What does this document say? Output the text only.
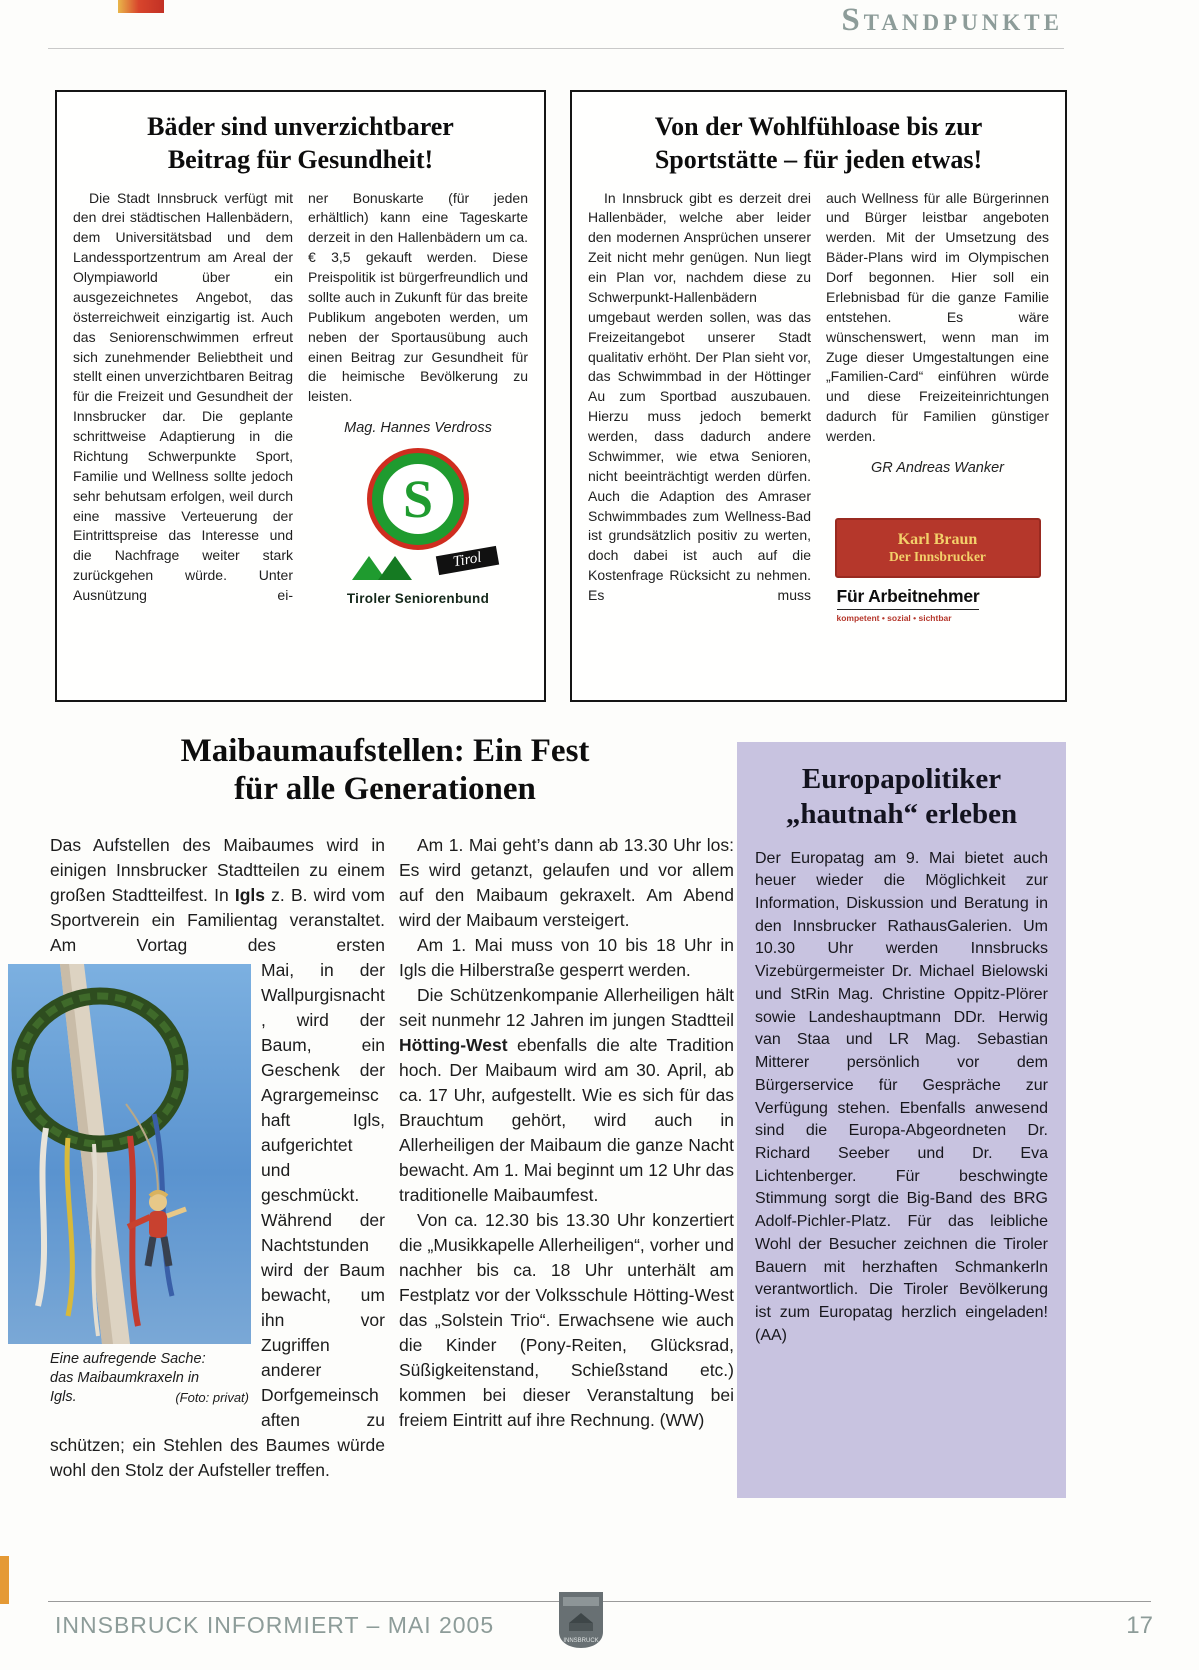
Standpunkte
Bäder sind unverzichtbarer
Beitrag für Gesundheit!

Die Stadt Innsbruck verfügt mit den drei städtischen Hallenbädern, dem Universitätsbad und dem Landessportzentrum am Areal der Olympiaworld über ein ausgezeichnetes Angebot, das österreichweit einzigartig ist. Auch das Seniorenschwimmen erfreut sich zunehmender Beliebtheit und stellt einen unverzichtbaren Beitrag für die Freizeit und Gesundheit der Innsbrucker dar. Die geplante schrittweise Adaptierung in die Richtung Schwerpunkte Sport, Familie und Wellness sollte jedoch sehr behutsam erfolgen, weil durch eine massive Verteuerung der Eintrittspreise das Interesse und die Nachfrage weiter stark zurückgehen würde. Unter Ausnützung ei-

ner Bonuskarte (für jeden erhältlich) kann eine Tageskarte derzeit in den Hallenbädern um ca. € 3,5 gekauft werden. Diese Preispolitik ist bürgerfreundlich und sollte auch in Zukunft für das breite Publikum angeboten werden, um neben der Sportausübung auch einen Beitrag zur Gesundheit für die heimische Bevölkerung zu leisten.

Mag. Hannes Verdross

S
Tirol
Tiroler Seniorenbund
Von der Wohlfühloase bis zur
Sportstätte – für jeden etwas!

In Innsbruck gibt es derzeit drei Hallenbäder, welche aber leider den modernen Ansprüchen unserer Zeit nicht mehr genügen. Nun liegt ein Plan vor, nachdem diese zu Schwerpunkt-Hallenbädern umgebaut werden sollen, was das Freizeitangebot unserer Stadt qualitativ erhöht. Der Plan sieht vor, das Schwimmbad in der Höttinger Au zum Sportbad auszubauen. Hierzu muss jedoch bemerkt werden, dass dadurch andere Schwimmer, wie etwa Senioren, nicht beeinträchtigt werden dürfen. Auch die Adaption des Amraser Schwimmbades zum Wellness-Bad ist grundsätzlich positiv zu werten, doch dabei ist auch auf die Kostenfrage Rücksicht zu nehmen. Es muss

auch Wellness für alle Bürgerinnen und Bürger leistbar angeboten werden. Mit der Umsetzung des Bäder-Plans wird im Olympischen Dorf begonnen. Hier soll ein Erlebnisbad für die ganze Familie entstehen. Es wäre wünschenswert, wenn man im Zuge dieser Umgestaltungen eine „Familien-Card“ einführen würde und diese Freizeiteinrichtungen dadurch für Familien günstiger werden.

GR Andreas Wanker

Karl Braun
Der Innsbrucker
Für Arbeitnehmer
kompetent • sozial • sichtbar
Maibaumaufstellen: Ein Fest
für alle Generationen

Das Aufstellen des Maibaumes wird in einigen Innsbrucker Stadtteilen zu einem großen Stadtteilfest. In Igls z. B. wird vom Sportverein ein Familientag veranstaltet. Am Vortag des ersten

Eine aufregende Sache: das Maibaumkraxeln in Igls.	(Foto: privat)

Mai, in der Wallpurgisnacht, wird der Baum, ein Geschenk der Agrargemeinschaft Igls, aufgerichtet und geschmückt. Während der Nachtstunden wird der Baum bewacht, um ihn vor Zugriffen anderer Dorfgemeinschaften zu schützen; ein Stehlen des Baumes würde wohl den Stolz der Aufsteller treffen.

Am 1. Mai geht’s dann ab 13.30 Uhr los: Es wird getanzt, gelaufen und vor allem auf den Maibaum gekraxelt. Am Abend wird der Maibaum versteigert.

Am 1. Mai muss von 10 bis 18 Uhr in Igls die Hilberstraße gesperrt werden.

Die Schützenkompanie Allerheiligen hält seit nunmehr 12 Jahren im jungen Stadtteil Hötting-West ebenfalls die alte Tradition hoch. Der Maibaum wird am 30. April, ab ca. 17 Uhr, aufgestellt. Wie es sich für das Brauchtum gehört, wird auch in Allerheiligen der Maibaum die ganze Nacht bewacht. Am 1. Mai beginnt um 12 Uhr das traditionelle Maibaumfest.

Von ca. 12.30 bis 13.30 Uhr konzertiert die „Musikkapelle Allerheiligen“, vorher und nachher bis ca. 18 Uhr unterhält am Festplatz vor der Volksschule Hötting-West das „Solstein Trio“. Erwachsene wie auch die Kinder (Pony-Reiten, Glücksrad, Süßigkeitenstand, Schießstand etc.) kommen bei dieser Veranstaltung bei freiem Eintritt auf ihre Rechnung. (WW)

Europapolitiker
„hautnah“ erleben

Der Europatag am 9. Mai bietet auch heuer wieder die Möglichkeit zur Information, Diskussion und Beratung in den Innsbrucker RathausGalerien. Um 10.30 Uhr werden Innsbrucks Vizebürgermeister Dr. Michael Bielowski und StRin Mag. Christine Oppitz-Plörer sowie Landeshauptmann DDr. Herwig van Staa und LR Mag. Sebastian Mitterer persönlich vor dem Bürgerservice für Gespräche zur Verfügung stehen. Ebenfalls anwesend sind die Europa-Abgeordneten Dr. Richard Seeber und Dr. Eva Lichtenberger. Für beschwingte Stimmung sorgt die Big-Band des BRG Adolf-Pichler-Platz. Für das leibliche Wohl der Besucher zeichnen die Tiroler Bauern mit herzhaften Schmankerln verantwortlich. Die Tiroler Bevölkerung ist zum Europatag herzlich eingeladen! (AA)

INNSBRUCK INFORMIERT – MAI 2005	17
INNSBRUCK
